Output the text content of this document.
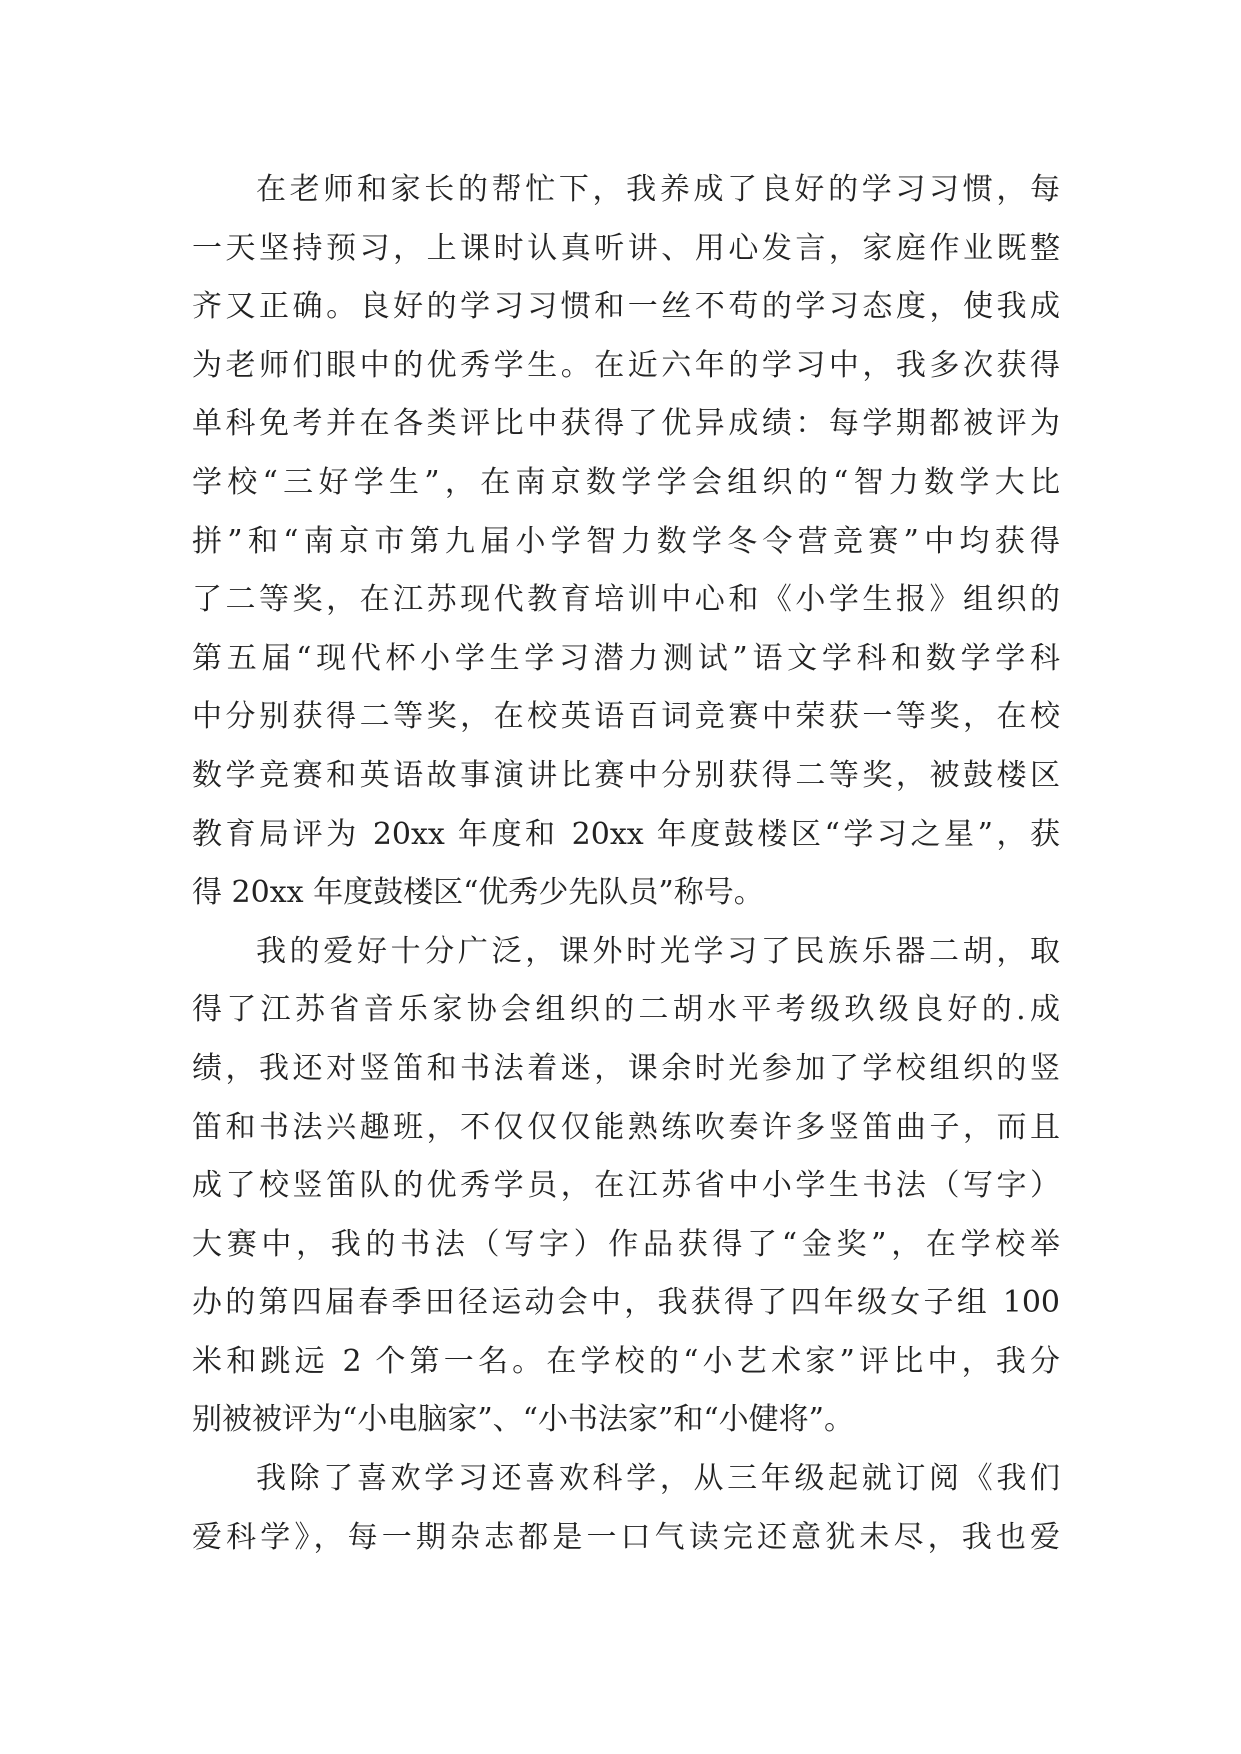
在老师和家长的帮忙下，我养成了良好的学习习惯，每
一天坚持预习，上课时认真听讲、用心发言，家庭作业既整
齐又正确。良好的学习习惯和一丝不苟的学习态度，使我成
为老师们眼中的优秀学生。在近六年的学习中，我多次获得
单科免考并在各类评比中获得了优异成绩：每学期都被评为
学校“三好学生”，在南京数学学会组织的“智力数学大比
拼”和“南京市第九届小学智力数学冬令营竞赛”中均获得
了二等奖，在江苏现代教育培训中心和《小学生报》组织的
第五届“现代杯小学生学习潜力测试”语文学科和数学学科
中分别获得二等奖，在校英语百词竞赛中荣获一等奖，在校
数学竞赛和英语故事演讲比赛中分别获得二等奖，被鼓楼区
教育局评为 20xx 年度和 20xx 年度鼓楼区“学习之星”，获
得 20xx 年度鼓楼区“优秀少先队员”称号。
我的爱好十分广泛，课外时光学习了民族乐器二胡，取
得了江苏省音乐家协会组织的二胡水平考级玖级良好的.成
绩，我还对竖笛和书法着迷，课余时光参加了学校组织的竖
笛和书法兴趣班，不仅仅仅能熟练吹奏许多竖笛曲子，而且
成了校竖笛队的优秀学员，在江苏省中小学生书法（写字）
大赛中，我的书法（写字）作品获得了“金奖”，在学校举
办的第四届春季田径运动会中，我获得了四年级女子组 100
米和跳远 2 个第一名。在学校的“小艺术家”评比中，我分
别被被评为“小电脑家”、“小书法家”和“小健将”。
我除了喜欢学习还喜欢科学，从三年级起就订阅《我们
爱科学》，每一期杂志都是一口气读完还意犹未尽，我也爱
